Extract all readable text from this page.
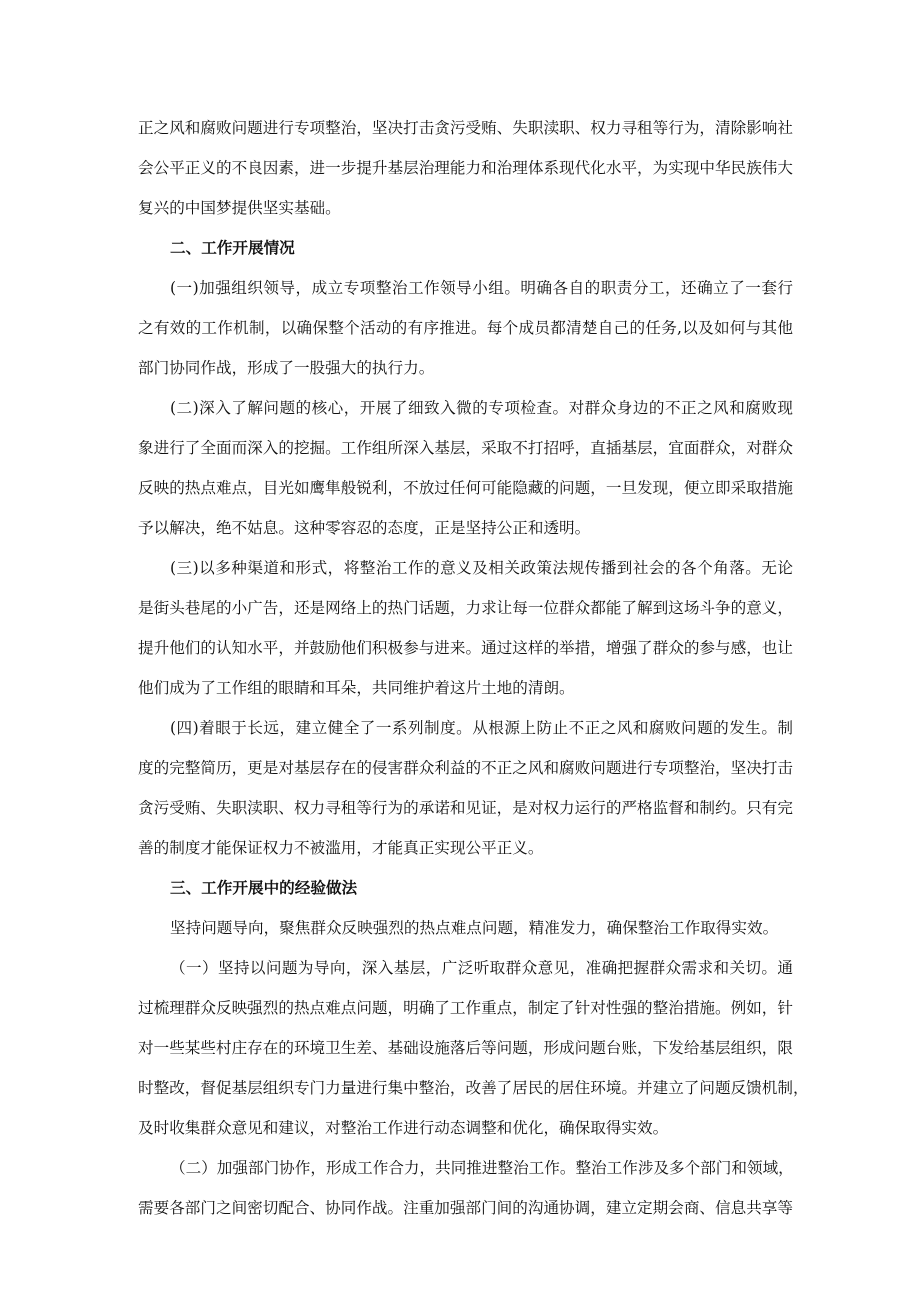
正之风和腐败问题进行专项整治，坚决打击贪污受贿、失职渎职、权力寻租等行为，清除影响社
会公平正义的不良因素，进一步提升基层治理能力和治理体系现代化水平，为实现中华民族伟大
复兴的中国梦提供坚实基础。
二、工作开展情况
(一)加强组织领导，成立专项整治工作领导小组。明确各自的职责分工，还确立了一套行
之有效的工作机制，以确保整个活动的有序推进。每个成员都清楚自己的任务,以及如何与其他
部门协同作战，形成了一股强大的执行力。
(二)深入了解问题的核心，开展了细致入微的专项检查。对群众身边的不正之风和腐败现
象进行了全面而深入的挖掘。工作组所深入基层，采取不打招呼，直插基层，宜面群众，对群众
反映的热点难点，目光如鹰隼般锐利，不放过任何可能隐藏的问题，一旦发现，便立即采取措施
予以解决，绝不姑息。这种零容忍的态度，正是坚持公正和透明。
(三)以多种渠道和形式，将整治工作的意义及相关政策法规传播到社会的各个角落。无论
是街头巷尾的小广告，还是网络上的热门话题，力求让每一位群众都能了解到这场斗争的意义，
提升他们的认知水平，并鼓励他们积极参与进来。通过这样的举措，增强了群众的参与感，也让
他们成为了工作组的眼睛和耳朵，共同维护着这片土地的清朗。
(四)着眼于长远，建立健全了一系列制度。从根源上防止不正之风和腐败问题的发生。制
度的完整简历，更是对基层存在的侵害群众利益的不正之风和腐败问题进行专项整治，坚决打击
贪污受贿、失职渎职、权力寻租等行为的承诺和见证，是对权力运行的严格监督和制约。只有完
善的制度才能保证权力不被滥用，才能真正实现公平正义。
三、工作开展中的经验做法
坚持问题导向，聚焦群众反映强烈的热点难点问题，精准发力，确保整治工作取得实效。
（一）坚持以问题为导向，深入基层，广泛听取群众意见，准确把握群众需求和关切。通
过梳理群众反映强烈的热点难点问题，明确了工作重点，制定了针对性强的整治措施。例如，针
对一些某些村庄存在的环境卫生差、基础设施落后等问题，形成问题台账，下发给基层组织，限
时整改，督促基层组织专门力量进行集中整治，改善了居民的居住环境。并建立了问题反馈机制，
及时收集群众意见和建议，对整治工作进行动态调整和优化，确保取得实效。
（二）加强部门协作，形成工作合力，共同推进整治工作。整治工作涉及多个部门和领域，
需要各部门之间密切配合、协同作战。注重加强部门间的沟通协调，建立定期会商、信息共享等
